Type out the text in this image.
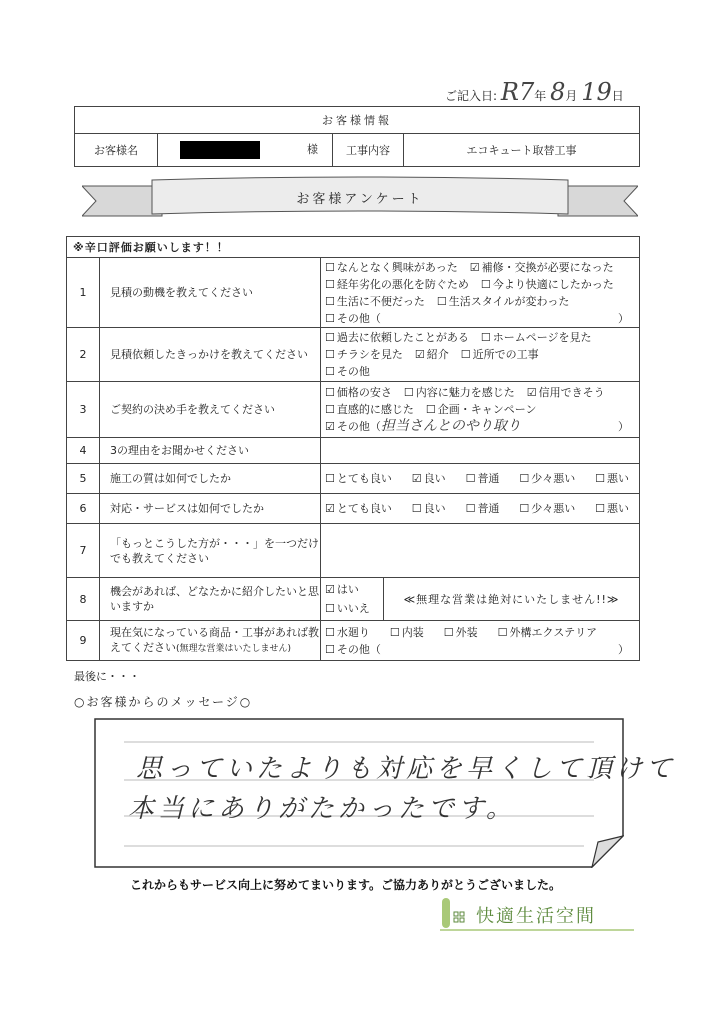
ご記入日: R7年 8月 19日
お客様情報
お客様名	様	工事内容	エコキュート取替工事
お客様アンケート
※辛口評価お願いします！！		
1	見積の動機を教えてください	☐ なんとなく興味があった ☑ 補修・交換が必要になった
☐ 経年劣化の悪化を防ぐため ☐ 今より快適にしたかった
☐ 生活に不便だった ☐ 生活スタイルが変わった
☐ その他（ ）

2	見積依頼したきっかけを教えてください	☐ 過去に依頼したことがある ☐ ホームページを見た
☐ チラシを見た ☑ 紹介 ☐ 近所での工事
☐ その他

3	ご契約の決め手を教えてください	☐ 価格の安さ ☐ 内容に魅力を感じた ☑ 信用できそう
☐ 直感的に感じた ☐ 企画・キャンペーン
☑ その他（担当さんとのやり取り ）

4	3の理由をお聞かせください	
5	施工の質は如何でしたか	☐ とても良い ☑ 良い ☐ 普通 ☐ 少々悪い ☐ 悪い

6	対応・サービスは如何でしたか	☑ とても良い ☐ 良い ☐ 普通 ☐ 少々悪い ☐ 悪い

7	「もっとこうした方が・・・」を一つだけでも教えてください	
8	機会があれば、どなたかに紹介したいと思いますか	☑ はい
☐ いいえ
≪無理な営業は絶対にいたしません!!≫

9	現在気になっている商品・工事があれば教えてください(無理な営業はいたしません)	☐ 水廻り ☐ 内装 ☐ 外装 ☐ 外構エクステリア
☐ その他（ ）
最後に・・・
○お客様からのメッセージ○
思っていたよりも対応を早くして頂けて
本当にありがたかったです。
これからもサービス向上に努めてまいります。ご協力ありがとうございました。
快適生活空間
